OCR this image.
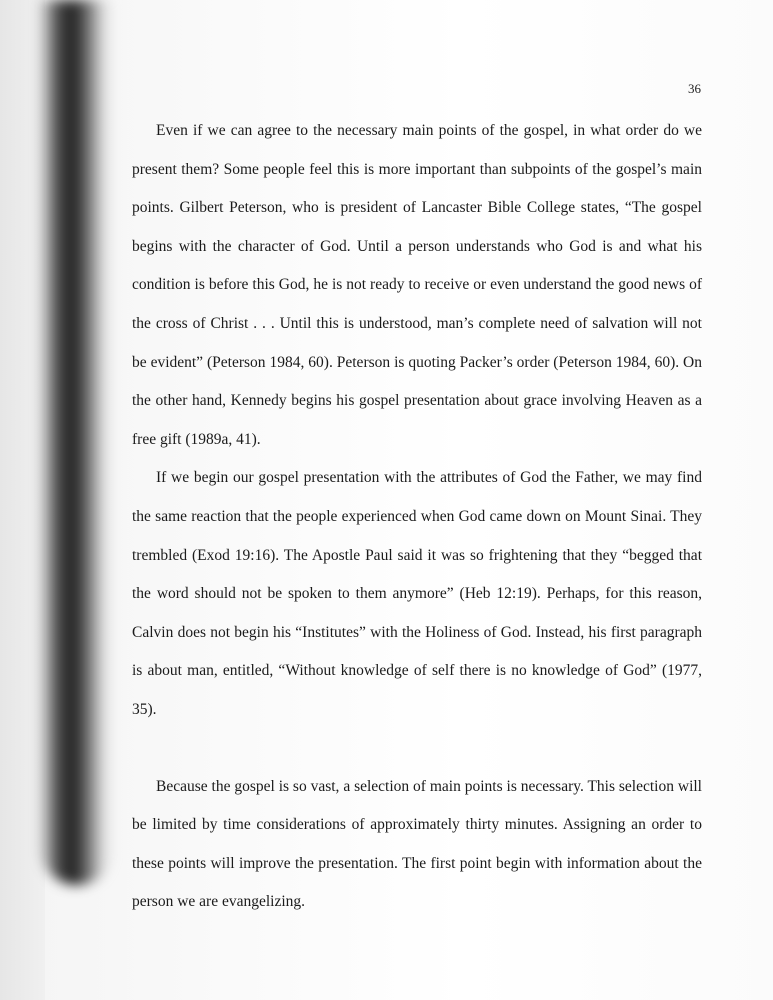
36

Even if we can agree to the necessary main points of the gospel, in what order do we present them? Some people feel this is more important than subpoints of the gospel’s main points. Gilbert Peterson, who is president of Lancaster Bible College states, “The gospel begins with the character of God. Until a person understands who God is and what his condition is before this God, he is not ready to receive or even understand the good news of the cross of Christ . . . Until this is understood, man’s complete need of salvation will not be evident” (Peterson 1984, 60). Peterson is quoting Packer’s order (Peterson 1984, 60). On the other hand, Kennedy begins his gospel presentation about grace involving Heaven as a free gift (1989a, 41).

If we begin our gospel presentation with the attributes of God the Father, we may find the same reaction that the people experienced when God came down on Mount Sinai. They trembled (Exod 19:16). The Apostle Paul said it was so frightening that they “begged that the word should not be spoken to them anymore” (Heb 12:19). Perhaps, for this reason, Calvin does not begin his “Institutes” with the Holiness of God. Instead, his first paragraph is about man, entitled, “Without knowledge of self there is no knowledge of God” (1977, 35).

Because the gospel is so vast, a selection of main points is necessary. This selection will be limited by time considerations of approximately thirty minutes. Assigning an order to these points will improve the presentation. The first point begin with information about the person we are evangelizing.
